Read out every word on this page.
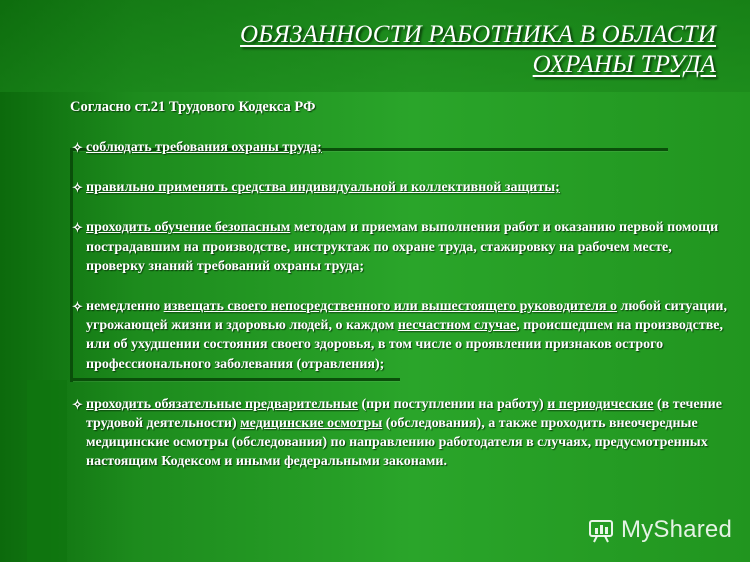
ОБЯЗАННОСТИ РАБОТНИКА В ОБЛАСТИ
ОХРАНЫ ТРУДА
Согласно ст.21 Трудового Кодекса РФ
✧ соблюдать требования охраны труда;
✧ правильно применять средства индивидуальной и коллективной защиты;
✧ проходить обучение безопасным методам и приемам выполнения работ и оказанию первой помощи пострадавшим на производстве, инструктаж по охране труда, стажировку на рабочем месте, проверку знаний требований охраны труда;
✧ немедленно извещать своего непосредственного или вышестоящего руководителя о любой ситуации, угрожающей жизни и здоровью людей, о каждом несчастном случае, происшедшем на производстве, или об ухудшении состояния своего здоровья, в том числе о проявлении признаков острого профессионального заболевания (отравления);
✧ проходить обязательные предварительные (при поступлении на работу) и периодические (в течение трудовой деятельности) медицинские осмотры (обследования), а также проходить внеочередные медицинские осмотры (обследования) по направлению работодателя в случаях, предусмотренных настоящим Кодексом и иными федеральными законами.
MyShared
